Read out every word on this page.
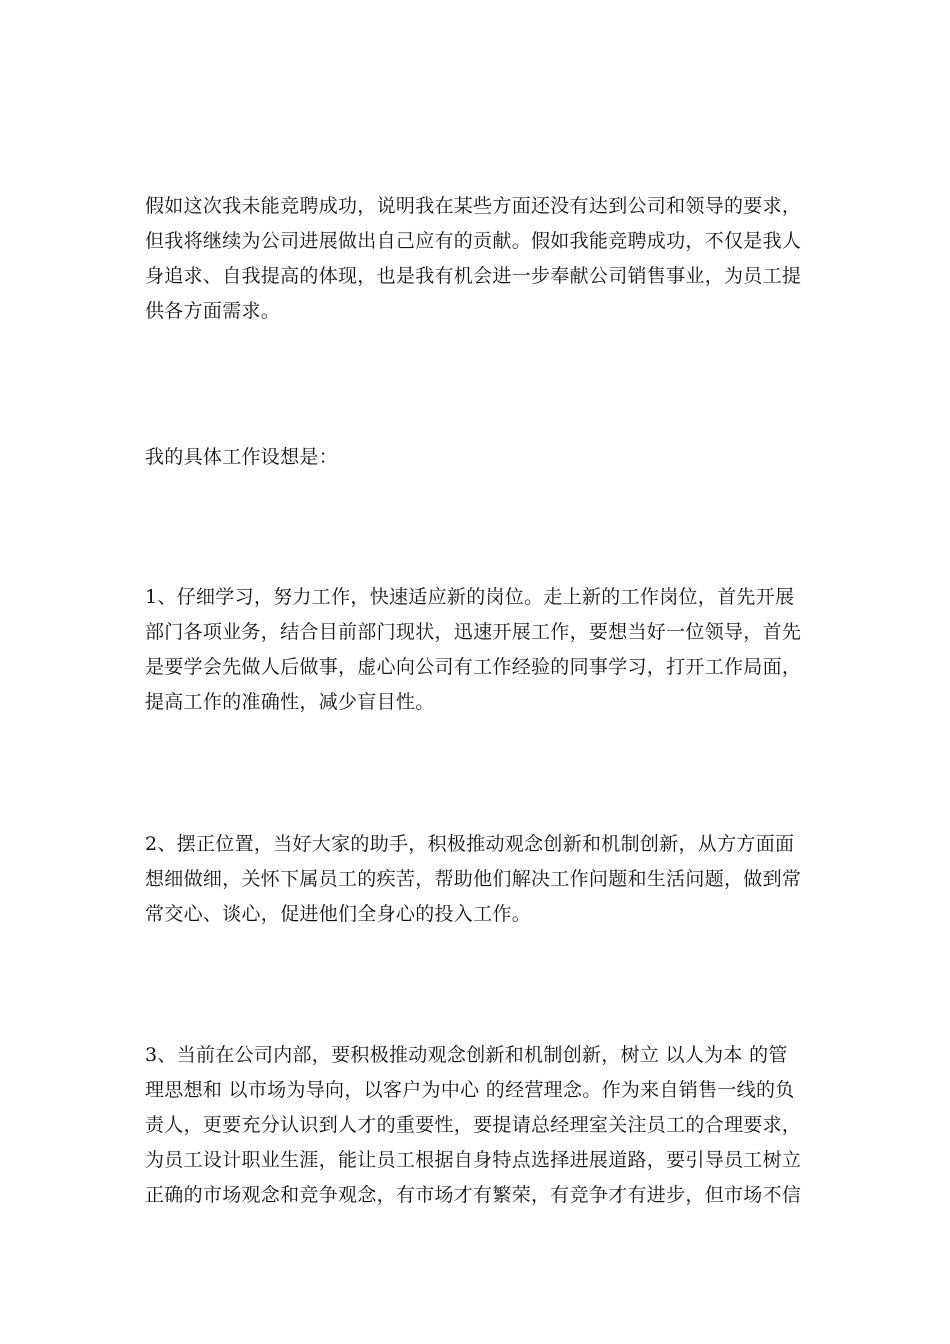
假如这次我未能竞聘成功，说明我在某些方面还没有达到公司和领导的要求，
但我将继续为公司进展做出自己应有的贡献。假如我能竞聘成功，不仅是我人
身追求、自我提高的体现，也是我有机会进一步奉献公司销售事业，为员工提
供各方面需求。
我的具体工作设想是：
1、仔细学习，努力工作，快速适应新的岗位。走上新的工作岗位，首先开展
部门各项业务，结合目前部门现状，迅速开展工作，要想当好一位领导，首先
是要学会先做人后做事，虚心向公司有工作经验的同事学习，打开工作局面，
提高工作的准确性，减少盲目性。
2、摆正位置，当好大家的助手，积极推动观念创新和机制创新，从方方面面
想细做细，关怀下属员工的疾苦，帮助他们解决工作问题和生活问题，做到常
常交心、谈心，促进他们全身心的投入工作。
3、当前在公司内部，要积极推动观念创新和机制创新，树立 以人为本 的管
理思想和 以市场为导向，以客户为中心 的经营理念。作为来自销售一线的负
责人，更要充分认识到人才的重要性，要提请总经理室关注员工的合理要求，
为员工设计职业生涯，能让员工根据自身特点选择进展道路，要引导员工树立
正确的市场观念和竞争观念，有市场才有繁荣，有竞争才有进步，但市场不信
